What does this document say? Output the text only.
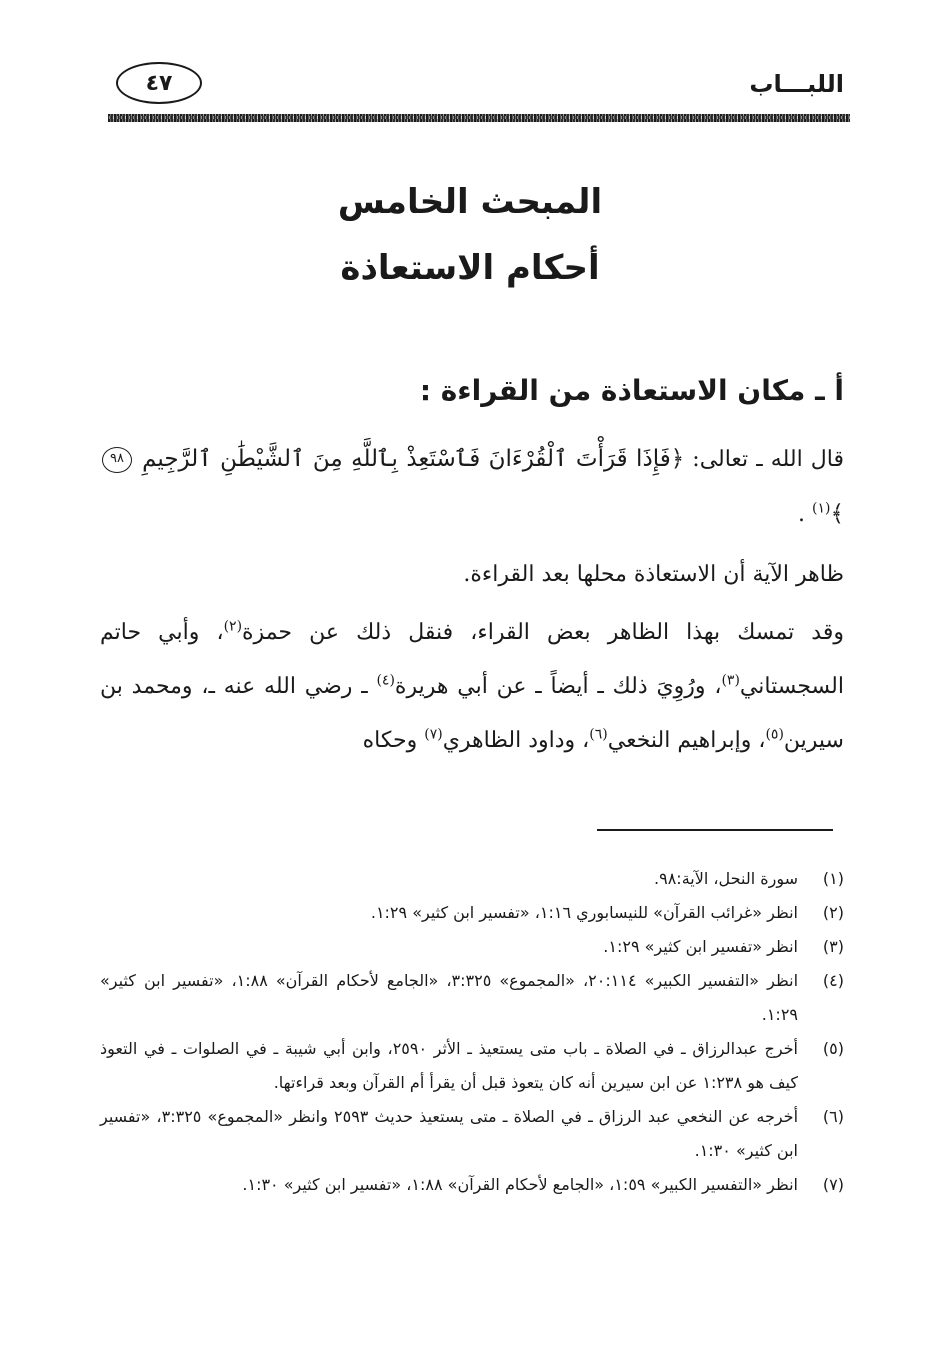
اللبـــاب
٤٧
المبحث الخامس
أحكام الاستعاذة
أ ـ مكان الاستعاذة من القراءة :
قال الله ـ تعالى: ﴿فَإِذَا قَرَأْتَ ٱلْقُرْءَانَ فَٱسْتَعِذْ بِٱللَّهِ مِنَ ٱلشَّيْطَٰنِ ٱلرَّجِيمِ ٩٨﴾$^{(١)}$ .
ظاهر الآية أن الاستعاذة محلها بعد القراءة.
وقد تمسك بهذا الظاهر بعض القراء، فنقل ذلك عن حمزة$^{(٢)}$، وأبي حاتم السجستاني$^{(٣)}$، ورُوِيَ ذلك ـ أيضاً ـ عن أبي هريرة$^{(٤)}$ ـ رضي الله عنه ـ، ومحمد بن سيرين$^{(٥)}$، وإبراهيم النخعي$^{(٦)}$، وداود الظاهري$^{(٧)}$ وحكاه
(١)
سورة النحل، الآية:٩٨.
(٢)
انظر «غرائب القرآن» للنيسابوري ١:١٦، «تفسير ابن كثير» ١:٢٩.
(٣)
انظر «تفسير ابن كثير» ١:٢٩.
(٤)
انظر «التفسير الكبير» ٢٠:١١٤، «المجموع» ٣:٣٢٥، «الجامع لأحكام القرآن» ١:٨٨، «تفسير ابن كثير» ١:٢٩.
(٥)
أخرج عبدالرزاق ـ في الصلاة ـ باب متى يستعيذ ـ الأثر ٢٥٩٠، وابن أبي شيبة ـ في الصلوات ـ في التعوذ كيف هو ١:٢٣٨ عن ابن سيرين أنه كان يتعوذ قبل أن يقرأ أم القرآن وبعد قراءتها.
(٦)
أخرجه عن النخعي عبد الرزاق ـ في الصلاة ـ متى يستعيذ حديث ٢٥٩٣ وانظر «المجموع» ٣:٣٢٥، «تفسير ابن كثير» ١:٣٠.
(٧)
انظر «التفسير الكبير» ١:٥٩، «الجامع لأحكام القرآن» ١:٨٨، «تفسير ابن كثير» ١:٣٠.
